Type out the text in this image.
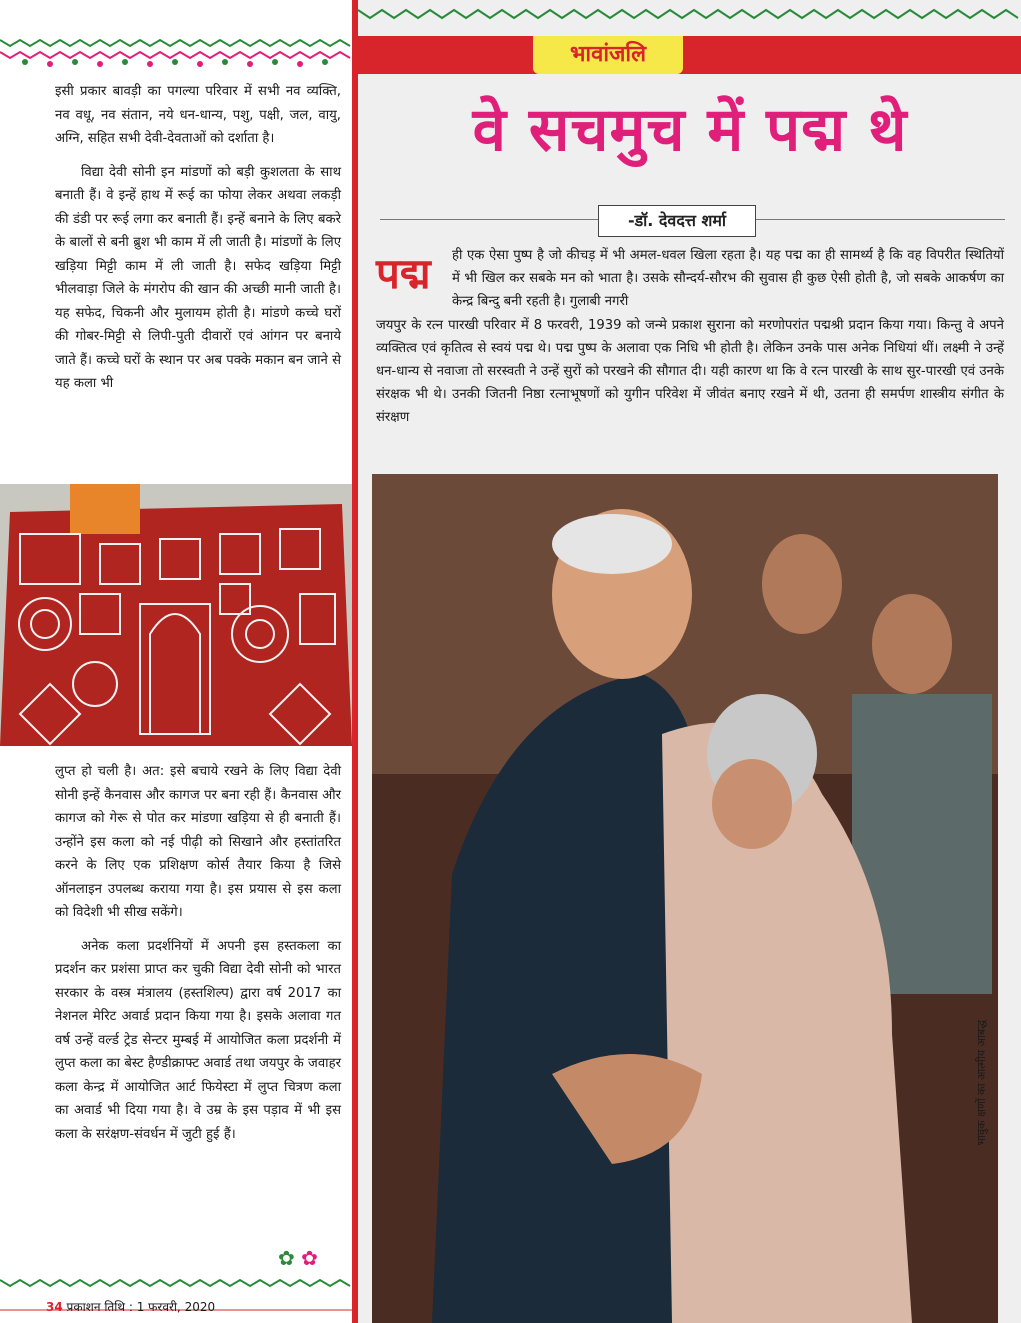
इसी प्रकार बावड़ी का पगल्या परिवार में सभी नव व्यक्ति, नव वधू, नव संतान, नये धन-धान्य, पशु, पक्षी, जल, वायु, अग्नि, सहित सभी देवी-देवताओं को दर्शाता है।

विद्या देवी सोनी इन मांडणों को बड़ी कुशलता के साथ बनाती हैं। वे इन्हें हाथ में रूई का फोया लेकर अथवा लकड़ी की डंडी पर रूई लगा कर बनाती हैं। इन्हें बनाने के लिए बकरे के बालों से बनी ब्रुश भी काम में ली जाती है। मांडणों के लिए खड़िया मिट्टी काम में ली जाती है। सफेद खड़िया मिट्टी भीलवाड़ा जिले के मंगरोप की खान की अच्छी मानी जाती है। यह सफेद, चिकनी और मुलायम होती है। मांडणे कच्चे घरों की गोबर-मिट्टी से लिपी-पुती दीवारों एवं आंगन पर बनाये जाते हैं। कच्चे घरों के स्थान पर अब पक्के मकान बन जाने से यह कला भी

लुप्त हो चली है। अत: इसे बचाये रखने के लिए विद्या देवी सोनी इन्हें कैनवास और कागज पर बना रही हैं। कैनवास और कागज को गेरू से पोत कर मांडणा खड़िया से ही बनाती हैं। उन्होंने इस कला को नई पीढ़ी को सिखाने और हस्तांतरित करने के लिए एक प्रशिक्षण कोर्स तैयार किया है जिसे ऑनलाइन उपलब्ध कराया गया है। इस प्रयास से इस कला को विदेशी भी सीख सकेंगे।

अनेक कला प्रदर्शनियों में अपनी इस हस्तकला का प्रदर्शन कर प्रशंसा प्राप्त कर चुकी विद्या देवी सोनी को भारत सरकार के वस्त्र मंत्रालय (हस्तशिल्प) द्वारा वर्ष 2017 का नेशनल मेरिट अवार्ड प्रदान किया गया है। इसके अलावा गत वर्ष उन्हें वर्ल्ड ट्रेड सेन्टर मुम्बई में आयोजित कला प्रदर्शनी में लुप्त कला का बेस्ट हैण्डीक्राफ्ट अवार्ड तथा जयपुर के जवाहर कला केन्द्र में आयोजित आर्ट फियेस्टा में लुप्त चित्रण कला का अवार्ड भी दिया गया है। वे उम्र के इस पड़ाव में भी इस कला के सरंक्षण-संवर्धन में जुटी हुई हैं।

✿ ✿
34 प्रकाशन तिथि : 1 फरवरी, 2020
भावांजलि
वे सचमुच में पद्म थे
-डॉ. देवदत्त शर्मा
पद्म ही एक ऐसा पुष्प है जो कीचड़ में भी अमल-धवल खिला रहता है। यह पद्म का ही सामर्थ्य है कि वह विपरीत स्थितियों में भी खिल कर सबके मन को भाता है। उसके सौन्दर्य-सौरभ की सुवास ही कुछ ऐसी होती है, जो सबके आकर्षण का केन्द्र बिन्दु बनी रहती है। गुलाबी नगरी
जयपुर के रत्न पारखी परिवार में 8 फरवरी, 1939 को जन्मे प्रकाश सुराना को मरणोपरांत पद्मश्री प्रदान किया गया। किन्तु वे अपने व्यक्तित्व एवं कृतित्व से स्वयं पद्म थे। पद्म पुष्प के अलावा एक निधि भी होती है। लेकिन उनके पास अनेक निधियां थीं। लक्ष्मी ने उन्हें धन-धान्य से नवाजा तो सरस्वती ने उन्हें सुरों को परखने की सौगात दी। यही कारण था कि वे रत्न पारखी के साथ सुर-पारखी एवं उनके संरक्षक भी थे। उनकी जितनी निष्ठा रत्नाभूषणों को युगीन परिवेश में जीवंत बनाए रखने में थी, उतना ही समर्पण शास्त्रीय संगीत के संरक्षण
भावुक क्षणों का आत्मीय आबद्ध
